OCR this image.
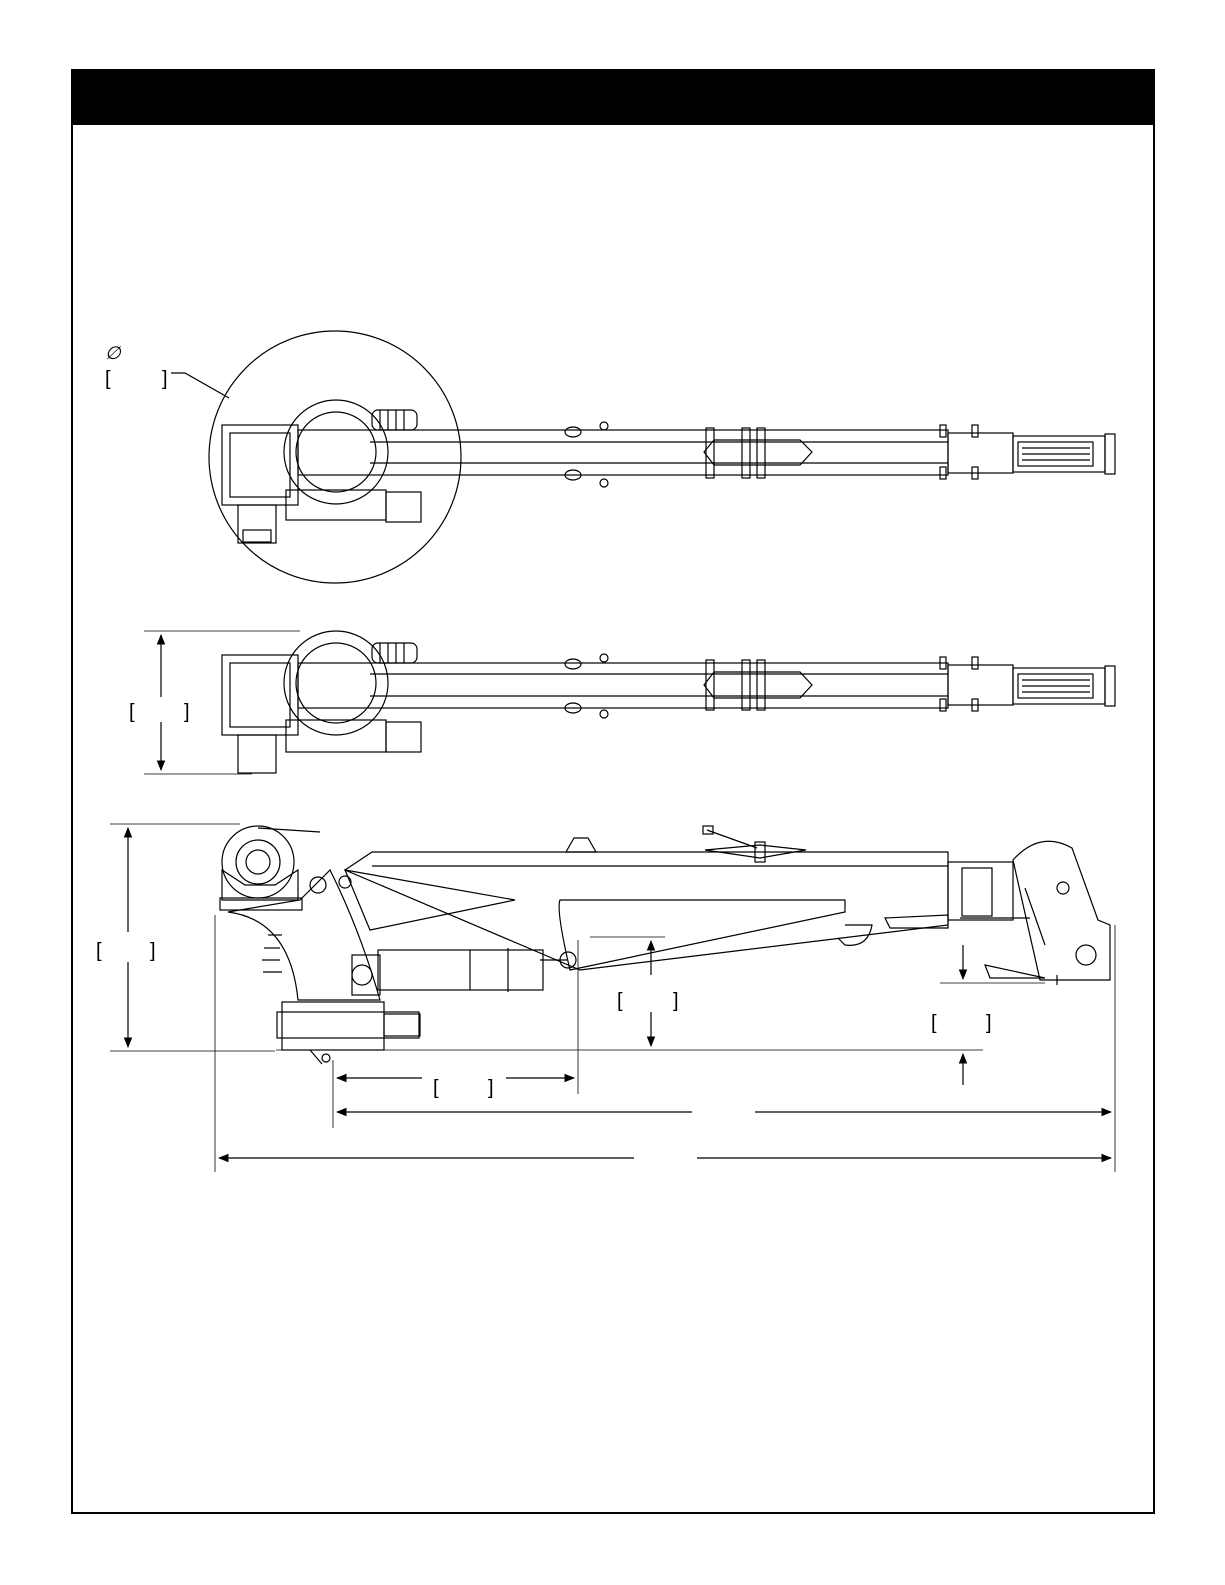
∅
[	]
[ ]
[ ]
[	]
[ ]
[ ]
